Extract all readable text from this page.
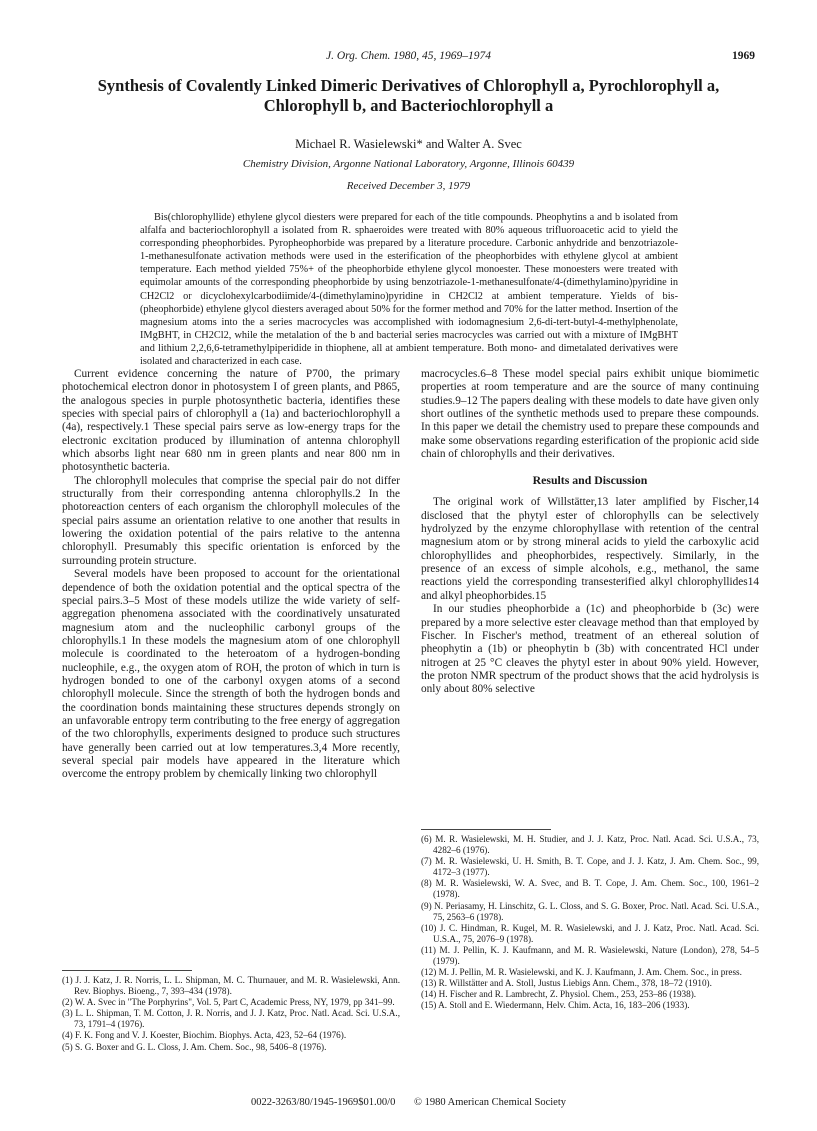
J. Org. Chem. 1980, 45, 1969–1974	1969
Synthesis of Covalently Linked Dimeric Derivatives of Chlorophyll a, Pyrochlorophyll a, Chlorophyll b, and Bacteriochlorophyll a
Michael R. Wasielewski* and Walter A. Svec
Chemistry Division, Argonne National Laboratory, Argonne, Illinois 60439
Received December 3, 1979

Bis(chlorophyllide) ethylene glycol diesters were prepared for each of the title compounds. Pheophytins a and b isolated from alfalfa and bacteriochlorophyll a isolated from R. sphaeroides were treated with 80% aqueous trifluoroacetic acid to yield the corresponding pheophorbides. Pyropheophorbide was prepared by a literature procedure. Carbonic anhydride and benzotriazole-1-methanesulfonate activation methods were used in the esterification of the pheophorbides with ethylene glycol at ambient temperature. Each method yielded 75%+ of the pheophorbide ethylene glycol monoester. These monoesters were treated with equimolar amounts of the corresponding pheophorbide by using benzotriazole-1-methanesulfonate/4-(dimethylamino)pyridine in CH2Cl2 or dicyclohexylcarbodiimide/4-(dimethylamino)pyridine in CH2Cl2 at ambient temperature. Yields of bis-(pheophorbide) ethylene glycol diesters averaged about 50% for the former method and 70% for the latter method. Insertion of the magnesium atoms into the a series macrocycles was accomplished with iodomagnesium 2,6-di-tert-butyl-4-methylphenolate, IMgBHT, in CH2Cl2, while the metalation of the b and bacterial series macrocycles was carried out with a mixture of IMgBHT and lithium 2,2,6,6-tetramethylpiperidide in thiophene, all at ambient temperature. Both mono- and dimetalated derivatives were isolated and characterized in each case.

Current evidence concerning the nature of P700, the primary photochemical electron donor in photosystem I of green plants, and P865, the analogous species in purple photosynthetic bacteria, identifies these species with special pairs of chlorophyll a (1a) and bacteriochlorophyll a (4a), respectively.1 These special pairs serve as low-energy traps for the electronic excitation produced by illumination of antenna chlorophyll which absorbs light near 680 nm in green plants and near 800 nm in photosynthetic bacteria.

The chlorophyll molecules that comprise the special pair do not differ structurally from their corresponding antenna chlorophylls.2 In the photoreaction centers of each organism the chlorophyll molecules of the special pairs assume an orientation relative to one another that results in lowering the oxidation potential of the pairs relative to the antenna chlorophyll. Presumably this specific orientation is enforced by the surrounding protein structure.

Several models have been proposed to account for the orientational dependence of both the oxidation potential and the optical spectra of the special pairs.3–5 Most of these models utilize the wide variety of self-aggregation phenomena associated with the coordinatively unsaturated magnesium atom and the nucleophilic carbonyl groups of the chlorophylls.1 In these models the magnesium atom of one chlorophyll molecule is coordinated to the heteroatom of a hydrogen-bonding nucleophile, e.g., the oxygen atom of ROH, the proton of which in turn is hydrogen bonded to one of the carbonyl oxygen atoms of a second chlorophyll molecule. Since the strength of both the hydrogen bonds and the coordination bonds maintaining these structures depends strongly on an unfavorable entropy term contributing to the free energy of aggregation of the two chlorophylls, experiments designed to produce such structures have generally been carried out at low temperatures.3,4 More recently, several special pair models have appeared in the literature which overcome the entropy problem by chemically linking two chlorophyll

(1) J. J. Katz, J. R. Norris, L. L. Shipman, M. C. Thurnauer, and M. R. Wasielewski, Ann. Rev. Biophys. Bioeng., 7, 393–434 (1978).

(2) W. A. Svec in "The Porphyrins", Vol. 5, Part C, Academic Press, NY, 1979, pp 341–99.

(3) L. L. Shipman, T. M. Cotton, J. R. Norris, and J. J. Katz, Proc. Natl. Acad. Sci. U.S.A., 73, 1791–4 (1976).

(4) F. K. Fong and V. J. Koester, Biochim. Biophys. Acta, 423, 52–64 (1976).

(5) S. G. Boxer and G. L. Closs, J. Am. Chem. Soc., 98, 5406–8 (1976).

macrocycles.6–8 These model special pairs exhibit unique biomimetic properties at room temperature and are the source of many continuing studies.9–12 The papers dealing with these models to date have given only short outlines of the synthetic methods used to prepare these compounds. In this paper we detail the chemistry used to prepare these compounds and make some observations regarding esterification of the propionic acid side chain of chlorophylls and their derivatives.

Results and Discussion

The original work of Willstätter,13 later amplified by Fischer,14 disclosed that the phytyl ester of chlorophylls can be selectively hydrolyzed by the enzyme chlorophyllase with retention of the central magnesium atom or by strong mineral acids to yield the carboxylic acid chlorophyllides and pheophorbides, respectively. Similarly, in the presence of an excess of simple alcohols, e.g., methanol, the same reactions yield the corresponding transesterified alkyl chlorophyllides14 and alkyl pheophorbides.15

In our studies pheophorbide a (1c) and pheophorbide b (3c) were prepared by a more selective ester cleavage method than that employed by Fischer. In Fischer's method, treatment of an ethereal solution of pheophytin a (1b) or pheophytin b (3b) with concentrated HCl under nitrogen at 25 °C cleaves the phytyl ester in about 90% yield. However, the proton NMR spectrum of the product shows that the acid hydrolysis is only about 80% selective

(6) M. R. Wasielewski, M. H. Studier, and J. J. Katz, Proc. Natl. Acad. Sci. U.S.A., 73, 4282–6 (1976).

(7) M. R. Wasielewski, U. H. Smith, B. T. Cope, and J. J. Katz, J. Am. Chem. Soc., 99, 4172–3 (1977).

(8) M. R. Wasielewski, W. A. Svec, and B. T. Cope, J. Am. Chem. Soc., 100, 1961–2 (1978).

(9) N. Periasamy, H. Linschitz, G. L. Closs, and S. G. Boxer, Proc. Natl. Acad. Sci. U.S.A., 75, 2563–6 (1978).

(10) J. C. Hindman, R. Kugel, M. R. Wasielewski, and J. J. Katz, Proc. Natl. Acad. Sci. U.S.A., 75, 2076–9 (1978).

(11) M. J. Pellin, K. J. Kaufmann, and M. R. Wasielewski, Nature (London), 278, 54–5 (1979).

(12) M. J. Pellin, M. R. Wasielewski, and K. J. Kaufmann, J. Am. Chem. Soc., in press.

(13) R. Willstätter and A. Stoll, Justus Liebigs Ann. Chem., 378, 18–72 (1910).

(14) H. Fischer and R. Lambrecht, Z. Physiol. Chem., 253, 253–86 (1938).

(15) A. Stoll and E. Wiedermann, Helv. Chim. Acta, 16, 183–206 (1933).

0022-3263/80/1945-1969$01.00/0 © 1980 American Chemical Society
